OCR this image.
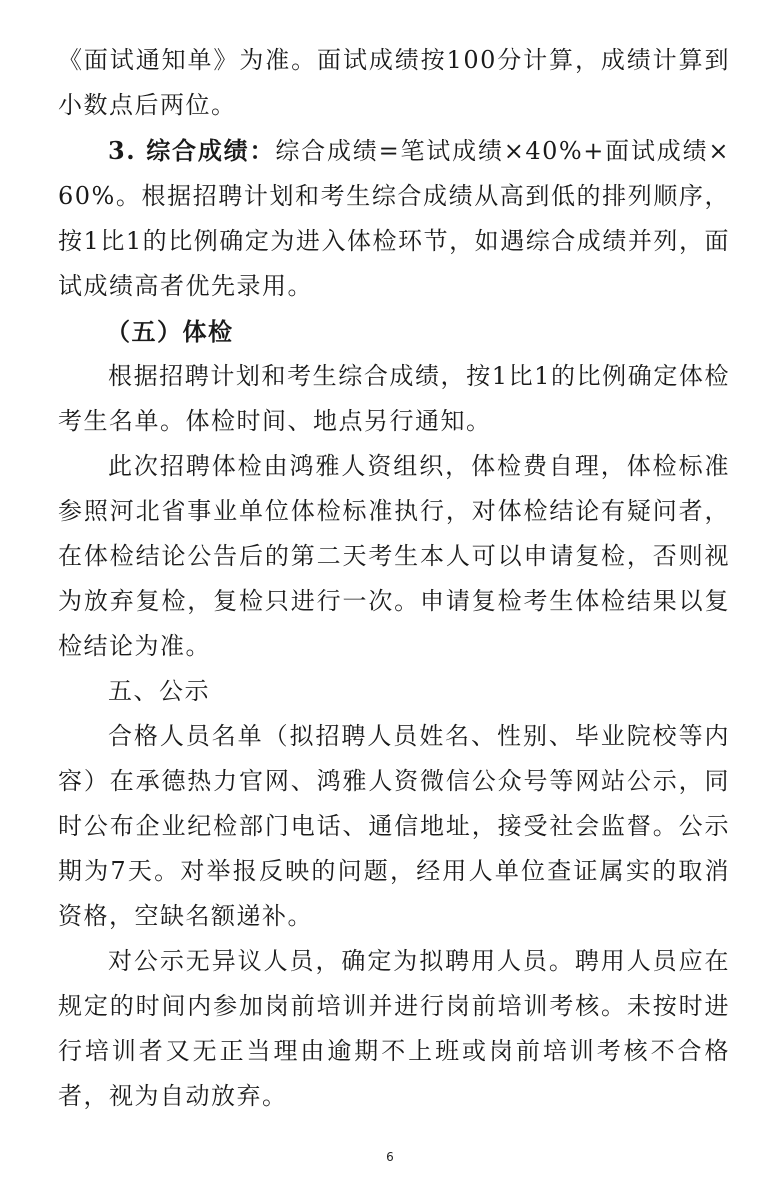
《面试通知单》为准。面试成绩按100分计算，成绩计算到小数点后两位。

3. 综合成绩：综合成绩=笔试成绩×40%+面试成绩×60%。根据招聘计划和考生综合成绩从高到低的排列顺序，按1比1的比例确定为进入体检环节，如遇综合成绩并列，面试成绩高者优先录用。

（五）体检

根据招聘计划和考生综合成绩，按1比1的比例确定体检考生名单。体检时间、地点另行通知。

此次招聘体检由鸿雅人资组织，体检费自理，体检标准参照河北省事业单位体检标准执行，对体检结论有疑问者，在体检结论公告后的第二天考生本人可以申请复检，否则视为放弃复检，复检只进行一次。申请复检考生体检结果以复检结论为准。

五、公示

合格人员名单（拟招聘人员姓名、性别、毕业院校等内容）在承德热力官网、鸿雅人资微信公众号等网站公示，同时公布企业纪检部门电话、通信地址，接受社会监督。公示期为7天。对举报反映的问题，经用人单位查证属实的取消资格，空缺名额递补。

对公示无异议人员，确定为拟聘用人员。聘用人员应在规定的时间内参加岗前培训并进行岗前培训考核。未按时进行培训者又无正当理由逾期不上班或岗前培训考核不合格者，视为自动放弃。

6
